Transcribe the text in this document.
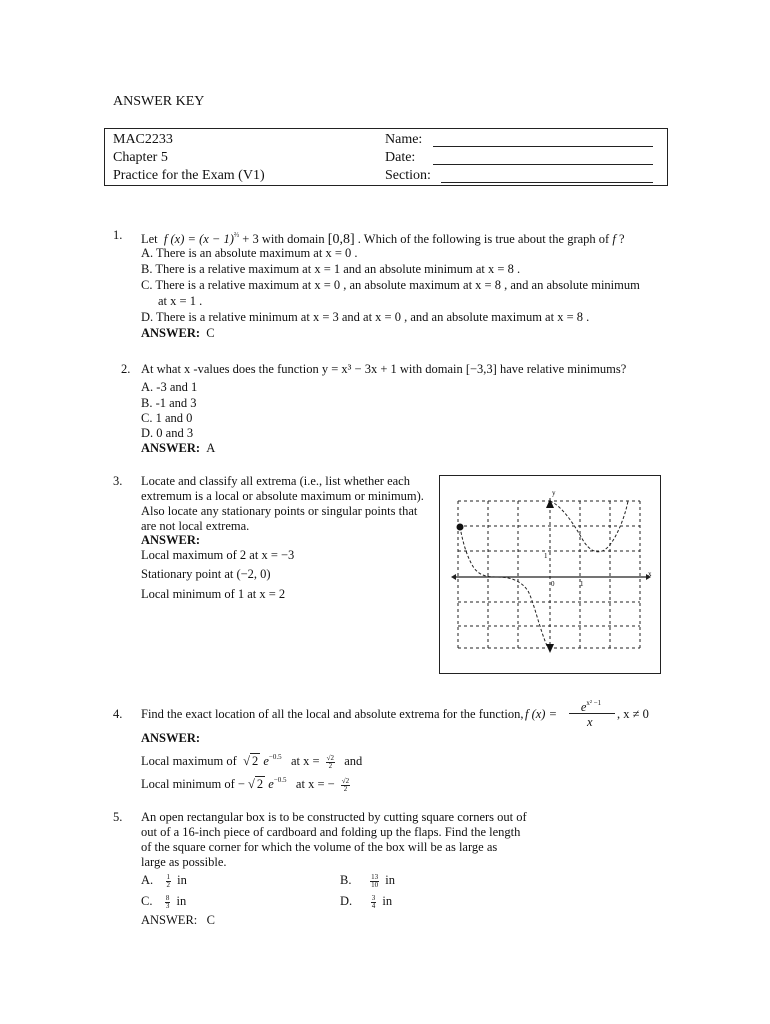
ANSWER KEY
MAC2233
Chapter 5
Practice for the Exam (V1)
Name:
Date:
Section:
1. Let f $(x) = (x - 1)^{\frac{2}{3}} + 3$ with domain [0,8] . Which of the following is true about the graph of f ?
A. There is an absolute maximum at x = 0 .
B. There is a relative maximum at x = 1 and an absolute minimum at x = 8 .
C. There is a relative maximum at x = 0 , an absolute maximum at x = 8 , and an absolute minimum
at x = 1 .
D. There is a relative minimum at x = 3 and at x = 0 , and an absolute maximum at x = 8 .
ANSWER: C
2. At what x -values does the function y = x³ − 3x + 1 with domain [−3,3] have relative minimums?
A. -3 and 1
B. -1 and 3
C. 1 and 0
D. 0 and 3
ANSWER: A
3. Locate and classify all extrema (i.e., list whether each
extremum is a local or absolute maximum or minimum).
Also locate any stationary points or singular points that
are not local extrema.
ANSWER:
Local maximum of 2 at x = −3
Stationary point at (−2, 0)
Local minimum of 1 at x = 2
y
x
0	1
1
4. Find the exact location of all the local and absolute extrema for the function, f (x) =	$e^{x^2 -1}$
x
, x ≠ 0
ANSWER:
Local maximum of √ 2 $e^{-0.5}$ at $x = \frac{√2}{2}$ and
Local minimum of − √ 2 $e^{-0.5}$ at x = − $\frac{√2}{2}$
5. An open rectangular box is to be constructed by cutting square corners out of
out of a 16-inch piece of cardboard and folding up the flaps. Find the length
of the square corner for which the volume of the box will be as large as
large as possible.
A. $\frac{1}{2}$ in	B.	$\frac{13}{10}$ in
C. $\frac{8}{3}$ in	D.	$\frac{3}{4}$ in
ANSWER: C
